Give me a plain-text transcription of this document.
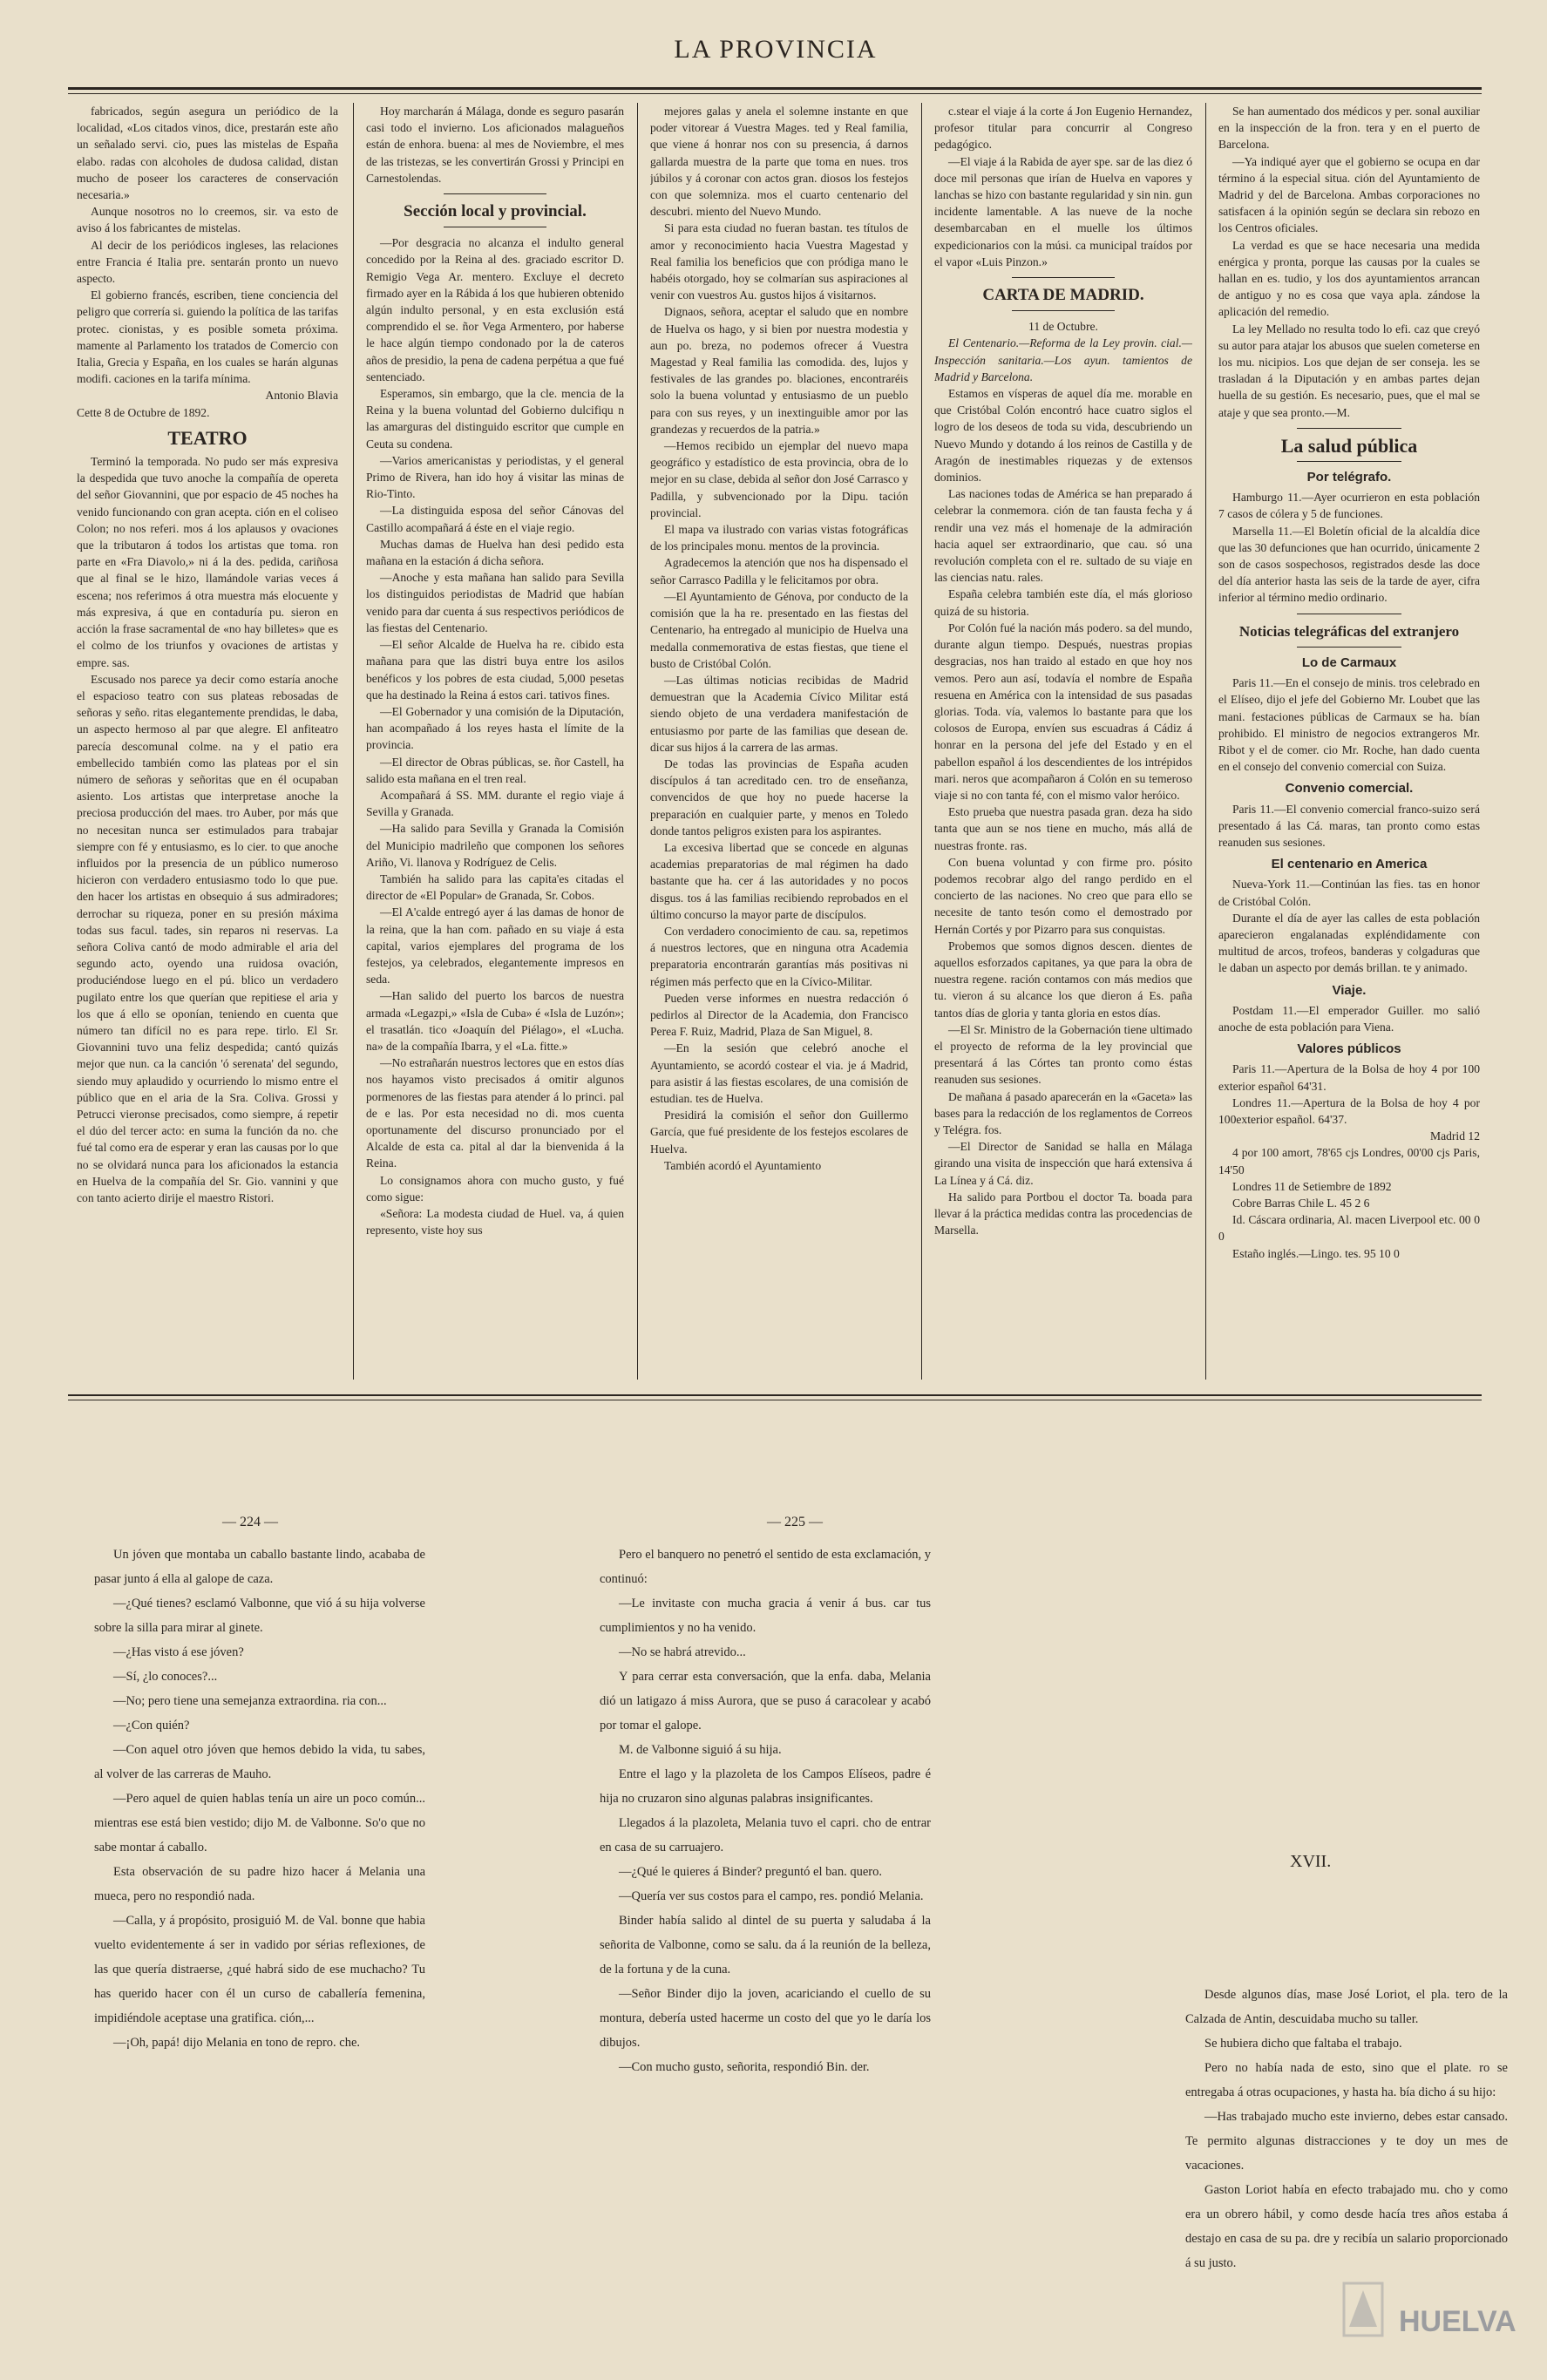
LA PROVINCIA

fabricados, según asegura un periódico de la localidad, «Los citados vinos, dice, prestarán este año un señalado servi. cio, pues las mistelas de España elabo. radas con alcoholes de dudosa calidad, distan mucho de poseer los caracteres de conservación necesaria.»

Aunque nosotros no lo creemos, sir. va esto de aviso á los fabricantes de mistelas.

Al decir de los periódicos ingleses, las relaciones entre Francia é Italia pre. sentarán pronto un nuevo aspecto.

El gobierno francés, escriben, tiene conciencia del peligro que correría si. guiendo la política de las tarifas protec. cionistas, y es posible someta próxima. mamente al Parlamento los tratados de Comercio con Italia, Grecia y España, en los cuales se harán algunas modifi. caciones en la tarifa mínima.

Antonio Blavia

Cette 8 de Octubre de 1892.

TEATRO

Terminó la temporada. No pudo ser más expresiva la despedida que tuvo anoche la compañía de opereta del señor Giovannini, que por espacio de 45 noches ha venido funcionando con gran acepta. ción en el coliseo Colon; no nos referi. mos á los aplausos y ovaciones que la tributaron á todos los artistas que toma. ron parte en «Fra Diavolo,» ni á la des. pedida, cariñosa que al final se le hizo, llamándole varias veces á escena; nos referimos á otra muestra más elocuente y más expresiva, á que en contaduría pu. sieron en acción la frase sacramental de «no hay billetes» que es el colmo de los triunfos y ovaciones de artistas y empre. sas.

Escusado nos parece ya decir como estaría anoche el espacioso teatro con sus plateas rebosadas de señoras y seño. ritas elegantemente prendidas, le daba, un aspecto hermoso al par que alegre. El anfiteatro parecía descomunal colme. na y el patio era embellecido también como las plateas por el sin número de señoras y señoritas que en él ocupaban asiento. Los artistas que interpretase anoche la preciosa producción del maes. tro Auber, por más que no necesitan nunca ser estimulados para trabajar siempre con fé y entusiasmo, es lo cier. to que anoche influidos por la presencia de un público numeroso hicieron con verdadero entusiasmo todo lo que pue. den hacer los artistas en obsequio á sus admiradores; derrochar su riqueza, poner en su presión máxima todas sus facul. tades, sin reparos ni reservas. La señora Coliva cantó de modo admirable el aria del segundo acto, oyendo una ruidosa ovación, produciéndose luego en el pú. blico un verdadero pugilato entre los que querían que repitiese el aria y los que á ello se oponían, teniendo en cuenta que número tan difícil no es para repe. tirlo. El Sr. Giovannini tuvo una feliz despedida; cantó quizás mejor que nun. ca la canción 'ó serenata' del segundo, siendo muy aplaudido y ocurriendo lo mismo entre el público que en el aria de la Sra. Coliva. Grossi y Petrucci vieronse precisados, como siempre, á repetir el dúo del tercer acto: en suma la función da no. che fué tal como era de esperar y eran las causas por lo que no se olvidará nunca para los aficionados la estancia en Huelva de la compañía del Sr. Gio. vannini y que con tanto acierto dirije el maestro Ristori.

Hoy marcharán á Málaga, donde es seguro pasarán casi todo el invierno. Los aficionados malagueños están de enhora. buena: al mes de Noviembre, el mes de las tristezas, se les convertirán Grossi y Principi en Carnestolendas.

Sección local y provincial.

—Por desgracia no alcanza el indulto general concedido por la Reina al des. graciado escritor D. Remigio Vega Ar. mentero. Excluye el decreto firmado ayer en la Rábida á los que hubieren obtenido algún indulto personal, y en esta exclusión está comprendido el se. ñor Vega Armentero, por haberse le hace algún tiempo condonado por la de cateros años de presidio, la pena de cadena perpétua a que fué sentenciado.

Esperamos, sin embargo, que la cle. mencia de la Reina y la buena voluntad del Gobierno dulcifiqu n las amarguras del distinguido escritor que cumple en Ceuta su condena.

—Varios americanistas y periodistas, y el general Primo de Rivera, han ido hoy á visitar las minas de Rio-Tinto.

—La distinguida esposa del señor Cánovas del Castillo acompañará á éste en el viaje regio.

Muchas damas de Huelva han desi pedido esta mañana en la estación á dicha señora.

—Anoche y esta mañana han salido para Sevilla los distinguidos periodistas de Madrid que habían venido para dar cuenta á sus respectivos periódicos de las fiestas del Centenario.

—El señor Alcalde de Huelva ha re. cibido esta mañana para que las distri buya entre los asilos benéficos y los pobres de esta ciudad, 5,000 pesetas que ha destinado la Reina á estos cari. tativos fines.

—El Gobernador y una comisión de la Diputación, han acompañado á los reyes hasta el límite de la provincia.

—El director de Obras públicas, se. ñor Castell, ha salido esta mañana en el tren real.

Acompañará á SS. MM. durante el regio viaje á Sevilla y Granada.

—Ha salido para Sevilla y Granada la Comisión del Municipio madrileño que componen los señores Ariño, Vi. llanova y Rodríguez de Celis.

También ha salido para las capita'es citadas el director de «El Popular» de Granada, Sr. Cobos.

—El A'calde entregó ayer á las damas de honor de la reina, que la han com. pañado en su viaje á esta capital, varios ejemplares del programa de los festejos, ya celebrados, elegantemente impresos en seda.

—Han salido del puerto los barcos de nuestra armada «Legazpi,» «Isla de Cuba» é «Isla de Luzón»; el trasatlán. tico «Joaquín del Piélago», el «Lucha. na» de la compañía Ibarra, y el «La. fitte.»

—No estrañarán nuestros lectores que en estos días nos hayamos visto precisados á omitir algunos pormenores de las fiestas para atender á lo princi. pal de e las. Por esta necesidad no di. mos cuenta oportunamente del discurso pronunciado por el Alcalde de esta ca. pital al dar la bienvenida á la Reina.

Lo consignamos ahora con mucho gusto, y fué como sigue:

«Señora: La modesta ciudad de Huel. va, á quien represento, viste hoy sus

mejores galas y anela el solemne instante en que poder vitorear á Vuestra Mages. ted y Real familia, que viene á honrar nos con su presencia, á darnos gallarda muestra de la parte que toma en nues. tros júbilos y á coronar con actos gran. diosos los festejos con que solemniza. mos el cuarto centenario del descubri. miento del Nuevo Mundo.

Si para esta ciudad no fueran bastan. tes títulos de amor y reconocimiento hacia Vuestra Magestad y Real familia los beneficios que con pródiga mano le habéis otorgado, hoy se colmarían sus aspiraciones al venir con vuestros Au. gustos hijos á visitarnos.

Dignaos, señora, aceptar el saludo que en nombre de Huelva os hago, y si bien por nuestra modestia y aun po. breza, no podemos ofrecer á Vuestra Magestad y Real familia las comodida. des, lujos y festivales de las grandes po. blaciones, encontraréis solo la buena voluntad y entusiasmo de un pueblo para con sus reyes, y un inextinguible amor por las grandezas y recuerdos de la patria.»

—Hemos recibido un ejemplar del nuevo mapa geográfico y estadístico de esta provincia, obra de lo mejor en su clase, debida al señor don José Carrasco y Padilla, y subvencionado por la Dipu. tación provincial.

El mapa va ilustrado con varias vistas fotográficas de los principales monu. mentos de la provincia.

Agradecemos la atención que nos ha dispensado el señor Carrasco Padilla y le felicitamos por obra.

—El Ayuntamiento de Génova, por conducto de la comisión que la ha re. presentado en las fiestas del Centenario, ha entregado al municipio de Huelva una medalla conmemorativa de estas fiestas, que tiene el busto de Cristóbal Colón.

—Las últimas noticias recibidas de Madrid demuestran que la Academia Cívico Militar está siendo objeto de una verdadera manifestación de entusiasmo por parte de las familias que desean de. dicar sus hijos á la carrera de las armas.

De todas las provincias de España acuden discípulos á tan acreditado cen. tro de enseñanza, convencidos de que hoy no puede hacerse la preparación en cualquier parte, y menos en Toledo donde tantos peligros existen para los aspirantes.

La excesiva libertad que se concede en algunas academias preparatorias de mal régimen ha dado bastante que ha. cer á las autoridades y no pocos disgus. tos á las familias recibiendo reprobados en el último concurso la mayor parte de discípulos.

Con verdadero conocimiento de cau. sa, repetimos á nuestros lectores, que en ninguna otra Academia preparatoria encontrarán garantías más positivas ni régimen más perfecto que en la Cívico-Militar.

Pueden verse informes en nuestra redacción ó pedirlos al Director de la Academia, don Francisco Perea F. Ruiz, Madrid, Plaza de San Miguel, 8.

—En la sesión que celebró anoche el Ayuntamiento, se acordó costear el via. je á Madrid, para asistir á las fiestas escolares, de una comisión de estudian. tes de Huelva.

Presidirá la comisión el señor don Guillermo García, que fué presidente de los festejos escolares de Huelva.

También acordó el Ayuntamiento

c.stear el viaje á la corte á Jon Eugenio Hernandez, profesor titular para concurrir al Congreso pedagógico.

—El viaje á la Rabida de ayer spe. sar de las diez ó doce mil personas que irían de Huelva en vapores y lanchas se hizo con bastante regularidad y sin nin. gun incidente lamentable. A las nueve de la noche desembarcaban en el muelle los últimos expedicionarios con la músi. ca municipal traídos por el vapor «Luis Pinzon.»

CARTA DE MADRID.

11 de Octubre.

El Centenario.—Reforma de la Ley provin. cial.—Inspección sanitaria.—Los ayun. tamientos de Madrid y Barcelona.

Estamos en vísperas de aquel día me. morable en que Cristóbal Colón encontró hace cuatro siglos el logro de los deseos de toda su vida, descubriendo un Nuevo Mundo y dotando á los reinos de Castilla y de Aragón de inestimables riquezas y de extensos dominios.

Las naciones todas de América se han preparado á celebrar la conmemora. ción de tan fausta fecha y á rendir una vez más el homenaje de la admiración hacia aquel ser extraordinario, que cau. só una revolución completa con el re. sultado de su viaje en las ciencias natu. rales.

España celebra también este día, el más glorioso quizá de su historia.

Por Colón fué la nación más podero. sa del mundo, durante algun tiempo. Después, nuestras propias desgracias, nos han traido al estado en que hoy nos vemos. Pero aun así, todavía el nombre de España resuena en América con la intensidad de sus pasadas glorias. Toda. vía, valemos lo bastante para que los colosos de Europa, envíen sus escuadras á Cádiz á honrar en la persona del jefe del Estado y en el pabellon español á los descendientes de los intrépidos mari. neros que acompañaron á Colón en su temeroso viaje si no con tanta fé, con el mismo valor heróico.

Esto prueba que nuestra pasada gran. deza ha sido tanta que aun se nos tiene en mucho, más allá de nuestras fronte. ras.

Con buena voluntad y con firme pro. pósito podemos recobrar algo del rango perdido en el concierto de las naciones. No creo que para ello se necesite de tanto tesón como el demostrado por Hernán Cortés y por Pizarro para sus conquistas.

Probemos que somos dignos descen. dientes de aquellos esforzados capitanes, ya que para la obra de nuestra regene. ración contamos con más medios que tu. vieron á su alcance los que dieron á Es. paña tantos días de gloria y tanta gloria en estos días.

—El Sr. Ministro de la Gobernación tiene ultimado el proyecto de reforma de la ley provincial que presentará á las Córtes tan pronto como éstas reanuden sus sesiones.

De mañana á pasado aparecerán en la «Gaceta» las bases para la redacción de los reglamentos de Correos y Telégra. fos.

—El Director de Sanidad se halla en Málaga girando una visita de inspección que hará extensiva á La Línea y á Cá. diz.

Ha salido para Portbou el doctor Ta. boada para llevar á la práctica medidas contra las procedencias de Marsella.

Se han aumentado dos médicos y per. sonal auxiliar en la inspección de la fron. tera y en el puerto de Barcelona.

—Ya indiqué ayer que el gobierno se ocupa en dar término á la especial situa. ción del Ayuntamiento de Madrid y del de Barcelona. Ambas corporaciones no satisfacen á la opinión según se declara sin rebozo en los Centros oficiales.

La verdad es que se hace necesaria una medida enérgica y pronta, porque las causas por la cuales se hallan en es. tudio, y los dos ayuntamientos arrancan de antiguo y no es cosa que vaya apla. zándose la aplicación del remedio.

La ley Mellado no resulta todo lo efi. caz que creyó su autor para atajar los abusos que suelen cometerse en los mu. nicipios. Los que dejan de ser conseja. les se trasladan á la Diputación y en ambas partes dejan huella de su gestión. Es necesario, pues, que el mal se ataje y que sea pronto.—M.

La salud pública
Por telégrafo.

Hamburgo 11.—Ayer ocurrieron en esta población 7 casos de cólera y 5 de funciones.

Marsella 11.—El Boletín oficial de la alcaldía dice que las 30 defunciones que han ocurrido, únicamente 2 son de casos sospechosos, registrados desde las doce del día anterior hasta las seis de la tarde de ayer, cifra inferior al término medio ordinario.

Noticias telegráficas del extranjero
Lo de Carmaux

Paris 11.—En el consejo de minis. tros celebrado en el Elíseo, dijo el jefe del Gobierno Mr. Loubet que las mani. festaciones públicas de Carmaux se ha. bían prohibido. El ministro de negocios extrangeros Mr. Ribot y el de comer. cio Mr. Roche, han dado cuenta en el consejo del convenio comercial con Suiza.

Convenio comercial.

Paris 11.—El convenio comercial franco-suizo será presentado á las Cá. maras, tan pronto como estas reanuden sus sesiones.

El centenario en America

Nueva-York 11.—Continúan las fies. tas en honor de Cristóbal Colón.

Durante el día de ayer las calles de esta población aparecieron engalanadas expléndidamente con multitud de arcos, trofeos, banderas y colgaduras que le daban un aspecto por demás brillan. te y animado.

Viaje.

Postdam 11.—El emperador Guiller. mo salió anoche de esta población para Viena.

Valores públicos

Paris 11.—Apertura de la Bolsa de hoy 4 por 100 exterior español 64'31.

Londres 11.—Apertura de la Bolsa de hoy 4 por 100exterior español. 64'37.

Madrid 12

4 por 100 amort, 78'65 cjs Londres, 00'00 cjs Paris, 14'50

Londres 11 de Setiembre de 1892

Cobre Barras Chile L. 45 2 6

Id. Cáscara ordinaria, Al. macen Liverpool etc. 00 0 0

Estaño inglés.—Lingo. tes. 95 10 0

— 224 —	— 225 —

Un jóven que montaba un caballo bastante lindo, acababa de pasar junto á ella al galope de caza.

—¿Qué tienes? esclamó Valbonne, que vió á su hija volverse sobre la silla para mirar al ginete.

—¿Has visto á ese jóven?

—Sí, ¿lo conoces?...

—No; pero tiene una semejanza extraordina. ria con...

—¿Con quién?

—Con aquel otro jóven que hemos debido la vida, tu sabes, al volver de las carreras de Mauho.

—Pero aquel de quien hablas tenía un aire un poco común... mientras ese está bien vestido; dijo M. de Valbonne. So'o que no sabe montar á caballo.

Esta observación de su padre hizo hacer á Melania una mueca, pero no respondió nada.

—Calla, y á propósito, prosiguió M. de Val. bonne que habia vuelto evidentemente á ser in vadido por sérias reflexiones, de las que quería distraerse, ¿qué habrá sido de ese muchacho? Tu has querido hacer con él un curso de caballería femenina, impidiéndole aceptase una gratifica. ción,...

—¡Oh, papá! dijo Melania en tono de repro. che.

Pero el banquero no penetró el sentido de esta exclamación, y continuó:

—Le invitaste con mucha gracia á venir á bus. car tus cumplimientos y no ha venido.

—No se habrá atrevido...

Y para cerrar esta conversación, que la enfa. daba, Melania dió un latigazo á miss Aurora, que se puso á caracolear y acabó por tomar el galope.

M. de Valbonne siguió á su hija.

Entre el lago y la plazoleta de los Campos Elíseos, padre é hija no cruzaron sino algunas palabras insignificantes.

Llegados á la plazoleta, Melania tuvo el capri. cho de entrar en casa de su carruajero.

—¿Qué le quieres á Binder? preguntó el ban. quero.

—Quería ver sus costos para el campo, res. pondió Melania.

Binder había salido al dintel de su puerta y saludaba á la señorita de Valbonne, como se salu. da á la reunión de la belleza, de la fortuna y de la cuna.

—Señor Binder dijo la joven, acariciando el cuello de su montura, debería usted hacerme un costo del que yo le daría los dibujos.

—Con mucho gusto, señorita, respondió Bin. der.

XVII.

Desde algunos días, mase José Loriot, el pla. tero de la Calzada de Antin, descuidaba mucho su taller.

Se hubiera dicho que faltaba el trabajo.

Pero no había nada de esto, sino que el plate. ro se entregaba á otras ocupaciones, y hasta ha. bía dicho á su hijo:

—Has trabajado mucho este invierno, debes estar cansado. Te permito algunas distracciones y te doy un mes de vacaciones.

Gaston Loriot había en efecto trabajado mu. cho y como era un obrero hábil, y como desde hacía tres años estaba á destajo en casa de su pa. dre y recibía un salario proporcionado á su justo.

HUELVA
